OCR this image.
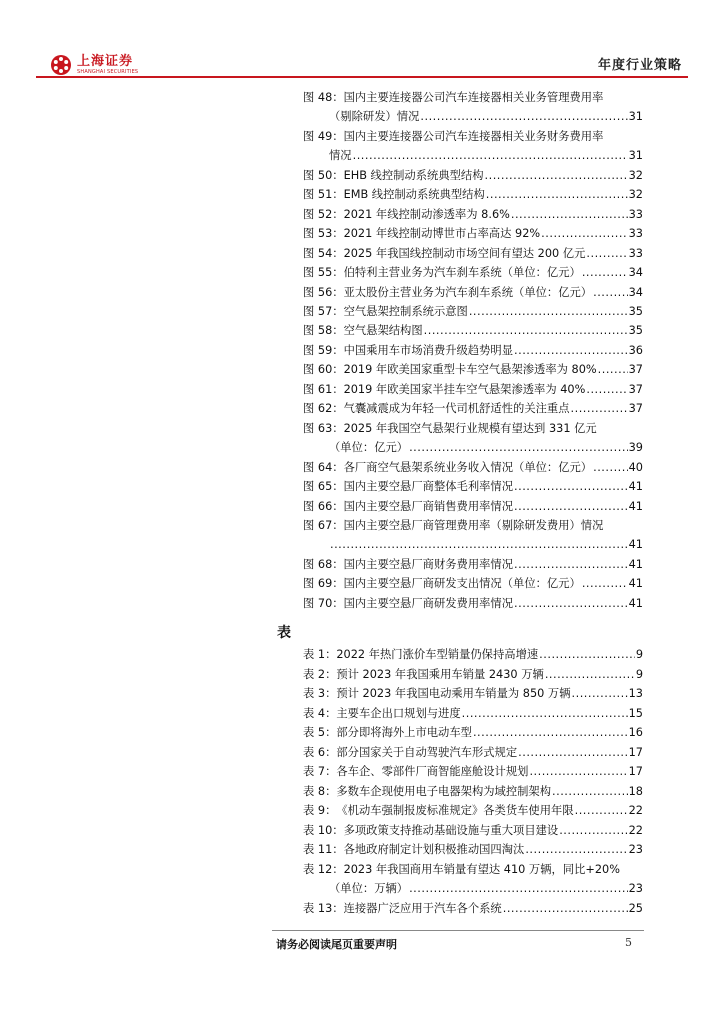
上海证券
SHANGHAI SECURITIES	年度行业策略
图 48： 国内主要连接器公司汽车连接器相关业务管理费用率
（剔除研发）情况 .....	31
图 49： 国内主要连接器公司汽车连接器相关业务财务费用率
情况 .....	31
图 50： EHB 线控制动系统典型结构 .....	32
图 51： EMB 线控制动系统典型结构 .....	32
图 52： 2021 年线控制动渗透率为 8.6% .....	33
图 53： 2021 年线控制动博世市占率高达 92% .....	33
图 54： 2025 年我国线控制动市场空间有望达 200 亿元 .....	33
图 55： 伯特利主营业务为汽车刹车系统（单位：亿元） .....	34
图 56： 亚太股份主营业务为汽车刹车系统（单位：亿元） .....	34
图 57： 空气悬架控制系统示意图 .....	35
图 58： 空气悬架结构图 .....	35
图 59： 中国乘用车市场消费升级趋势明显 .....	36
图 60： 2019 年欧美国家重型卡车空气悬架渗透率为 80% .....	37
图 61： 2019 年欧美国家半挂车空气悬架渗透率为 40% .....	37
图 62： 气囊减震成为年轻一代司机舒适性的关注重点 .....	37
图 63： 2025 年我国空气悬架行业规模有望达到 331 亿元
（单位：亿元） .....	39
图 64： 各厂商空气悬架系统业务收入情况（单位：亿元） .....	40
图 65： 国内主要空悬厂商整体毛利率情况 .....	41
图 66： 国内主要空悬厂商销售费用率情况 .....	41
图 67： 国内主要空悬厂商管理费用率（剔除研发费用）情况
.....
41
图 68： 国内主要空悬厂商财务费用率情况 .....	41
图 69： 国内主要空悬厂商研发支出情况（单位：亿元） .....	41
图 70： 国内主要空悬厂商研发费用率情况 .....	41
表
表 1： 2022 年热门涨价车型销量仍保持高增速 .....	9
表 2： 预计 2023 年我国乘用车销量 2430 万辆 .....	9
表 3： 预计 2023 年我国电动乘用车销量为 850 万辆 .....	13
表 4： 主要车企出口规划与进度 .....	15
表 5： 部分即将海外上市电动车型 .....	16
表 6： 部分国家关于自动驾驶汽车形式规定 .....	17
表 7： 各车企、零部件厂商智能座舱设计规划 .....	17
表 8： 多数车企现使用电子电器架构为域控制架构 .....	18
表 9： 《机动车强制报废标准规定》各类货车使用年限 .....	22
表 10： 多项政策支持推动基础设施与重大项目建设 .....	22
表 11： 各地政府制定计划积极推动国四淘汰 .....	23
表 12： 2023 年我国商用车销量有望达 410 万辆，同比+20%
（单位：万辆） .....	23
表 13： 连接器广泛应用于汽车各个系统 .....	25
请务必阅读尾页重要声明	5
